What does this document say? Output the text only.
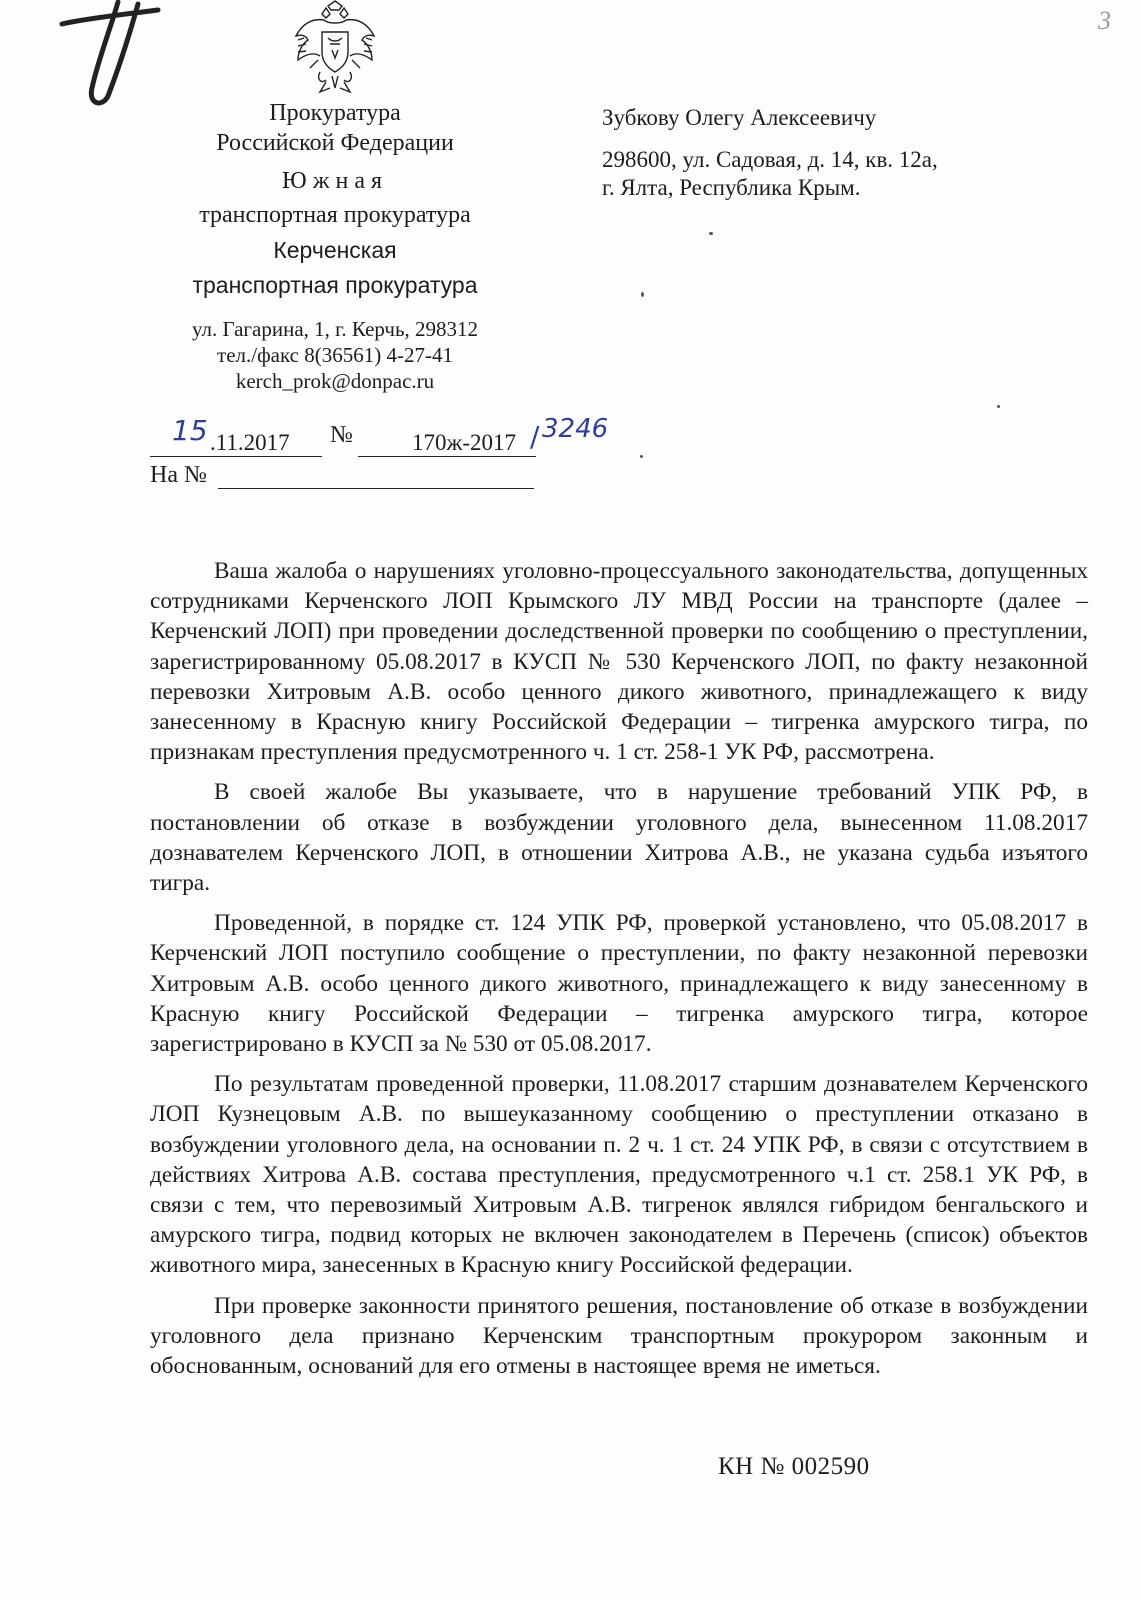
3
Прокуратура
Российской Федерации
Южная
транспортная прокуратура
Керченская
транспортная прокуратура
ул. Гагарина, 1, г. Керчь, 298312
тел./факс 8(36561) 4-27-41
kerch_prok@donpac.ru
Зубкову Олегу Алексеевичу
298600, ул. Садовая, д. 14, кв. 12а,
г. Ялта, Республика Крым.
.11.2017
15	№	170ж-2017 / 3246
На №

Ваша жалоба о нарушениях уголовно-процессуального законодательства, допущенных сотрудниками Керченского ЛОП Крымского ЛУ МВД России на транспорте (далее – Керченский ЛОП) при проведении доследственной проверки по сообщению о преступлении, зарегистрированному 05.08.2017 в КУСП № 530 Керченского ЛОП, по факту незаконной перевозки Хитровым А.В. особо ценного дикого животного, принадлежащего к виду занесенному в Красную книгу Российской Федерации – тигренка амурского тигра, по признакам преступления предусмотренного ч. 1 ст. 258-1 УК РФ, рассмотрена.

В своей жалобе Вы указываете, что в нарушение требований УПК РФ, в постановлении об отказе в возбуждении уголовного дела, вынесенном 11.08.2017 дознавателем Керченского ЛОП, в отношении Хитрова А.В., не указана судьба изъятого тигра.

Проведенной, в порядке ст. 124 УПК РФ, проверкой установлено, что 05.08.2017 в Керченский ЛОП поступило сообщение о преступлении, по факту незаконной перевозки Хитровым А.В. особо ценного дикого животного, принадлежащего к виду занесенному в Красную книгу Российской Федерации – тигренка амурского тигра, которое зарегистрировано в КУСП за № 530 от 05.08.2017.

По результатам проведенной проверки, 11.08.2017 старшим дознавателем Керченского ЛОП Кузнецовым А.В. по вышеуказанному сообщению о преступлении отказано в возбуждении уголовного дела, на основании п. 2 ч. 1 ст. 24 УПК РФ, в связи с отсутствием в действиях Хитрова А.В. состава преступления, предусмотренного ч.1 ст. 258.1 УК РФ, в связи с тем, что перевозимый Хитровым А.В. тигренок являлся гибридом бенгальского и амурского тигра, подвид которых не включен законодателем в Перечень (список) объектов животного мира, занесенных в Красную книгу Российской федерации.

При проверке законности принятого решения, постановление об отказе в возбуждении уголовного дела признано Керченским транспортным прокурором законным и обоснованным, оснований для его отмены в настоящее время не иметься.

КН № 002590
